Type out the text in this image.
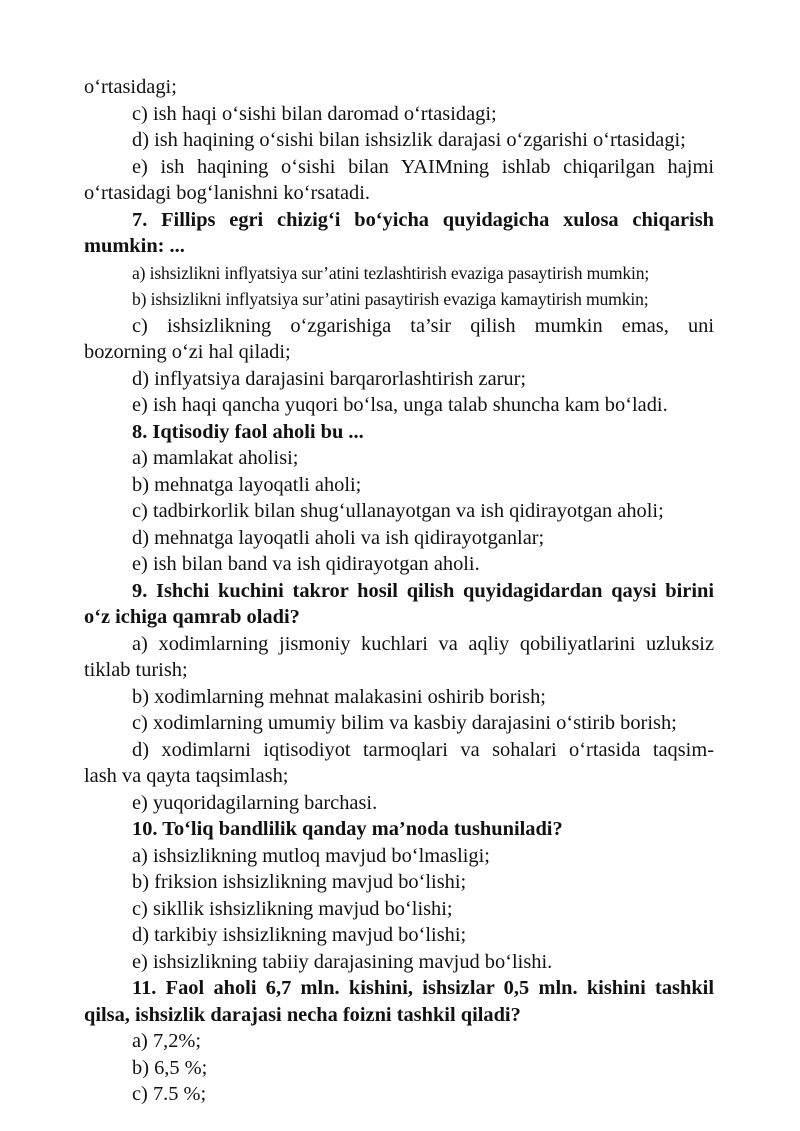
o‘rtasidagi;

c) ish haqi o‘sishi bilan daromad o‘rtasidagi;

d) ish haqining o‘sishi bilan ishsizlik darajasi o‘zgarishi o‘rtasidagi;

e) ish haqining o‘sishi bilan YAIMning ishlab chiqarilgan hajmi

o‘rtasidagi bog‘lanishni ko‘rsatadi.

7. Fillips egri chizig‘i bo‘yicha quyidagicha xulosa chiqarish

mumkin: ...

a) ishsizlikni inflyatsiya sur’atini tezlashtirish evaziga pasaytirish mumkin;

b) ishsizlikni inflyatsiya sur’atini pasaytirish evaziga kamaytirish mumkin;

c) ishsizlikning o‘zgarishiga ta’sir qilish mumkin emas, uni

bozorning o‘zi hal qiladi;

d) inflyatsiya darajasini barqarorlashtirish zarur;

e) ish haqi qancha yuqori bo‘lsa, unga talab shuncha kam bo‘ladi.

8. Iqtisodiy faol aholi bu ...

a) mamlakat aholisi;

b) mehnatga layoqatli aholi;

c) tadbirkorlik bilan shug‘ullanayotgan va ish qidirayotgan aholi;

d) mehnatga layoqatli aholi va ish qidirayotganlar;

e) ish bilan band va ish qidirayotgan aholi.

9. Ishchi kuchini takror hosil qilish quyidagidardan qaysi birini

o‘z ichiga qamrab oladi?

a) xodimlarning jismoniy kuchlari va aqliy qobiliyatlarini uzluksiz

tiklab turish;

b) xodimlarning mehnat malakasini oshirib borish;

c) xodimlarning umumiy bilim va kasbiy darajasini o‘stirib borish;

d) xodimlarni iqtisodiyot tarmoqlari va sohalari o‘rtasida taqsim-

lash va qayta taqsimlash;

e) yuqoridagilarning barchasi.

10. To‘liq bandlilik qanday ma’noda tushuniladi?

a) ishsizlikning mutloq mavjud bo‘lmasligi;

b) friksion ishsizlikning mavjud bo‘lishi;

c) sikllik ishsizlikning mavjud bo‘lishi;

d) tarkibiy ishsizlikning mavjud bo‘lishi;

e) ishsizlikning tabiiy darajasining mavjud bo‘lishi.

11. Faol aholi 6,7 mln. kishini, ishsizlar 0,5 mln. kishini tashkil

qilsa, ishsizlik darajasi necha foizni tashkil qiladi?

a) 7,2%;

b) 6,5 %;

c) 7.5 %;
